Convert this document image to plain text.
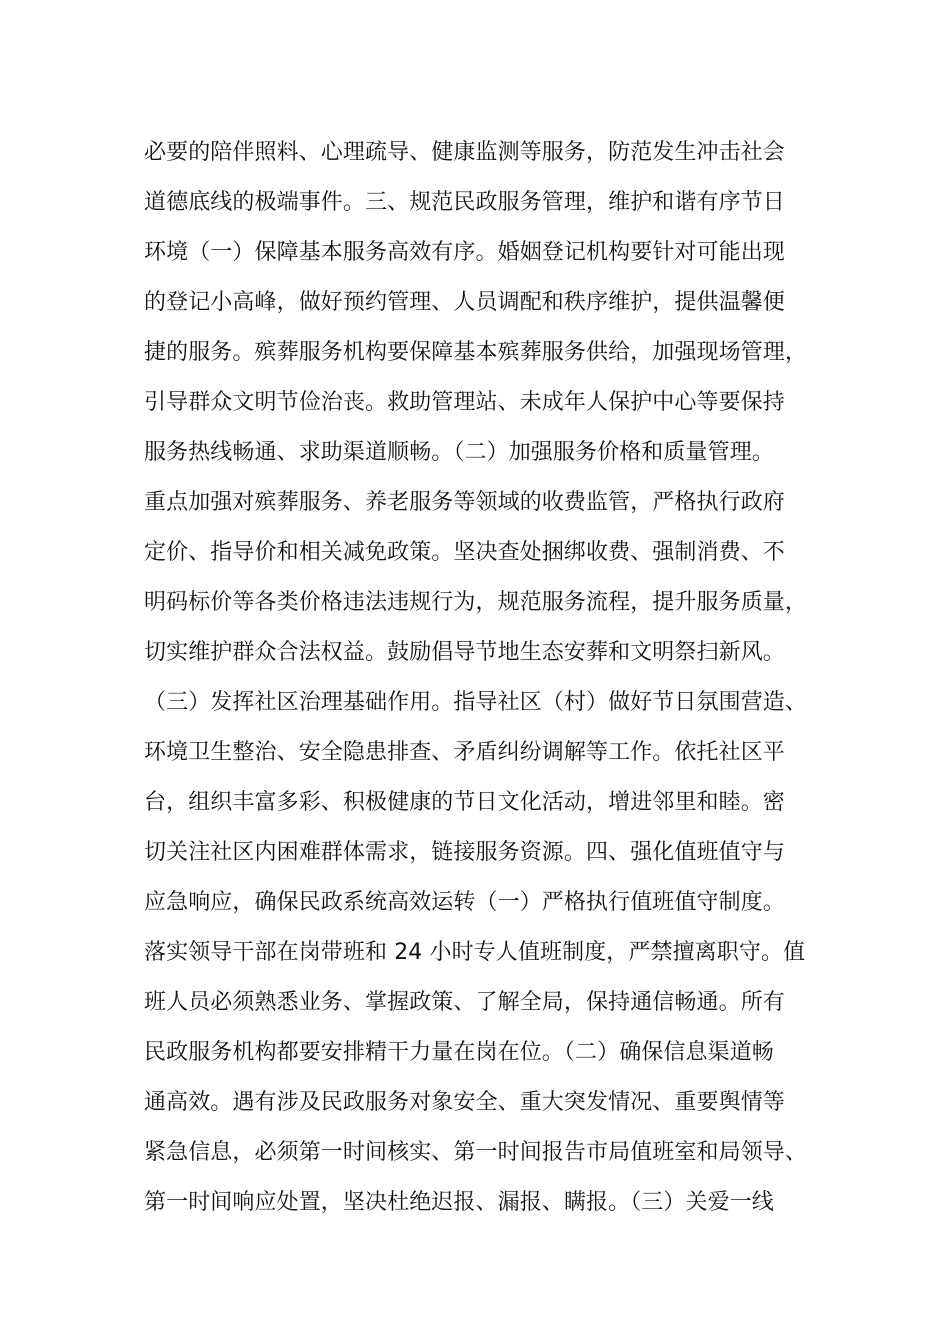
必要的陪伴照料、心理疏导、健康监测等服务，防范发生冲击社会
道德底线的极端事件。三、规范民政服务管理，维护和谐有序节日
环境（一）保障基本服务高效有序。婚姻登记机构要针对可能出现
的登记小高峰，做好预约管理、人员调配和秩序维护，提供温馨便
捷的服务。殡葬服务机构要保障基本殡葬服务供给，加强现场管理，
引导群众文明节俭治丧。救助管理站、未成年人保护中心等要保持
服务热线畅通、求助渠道顺畅。（二）加强服务价格和质量管理。
重点加强对殡葬服务、养老服务等领域的收费监管，严格执行政府
定价、指导价和相关减免政策。坚决查处捆绑收费、强制消费、不
明码标价等各类价格违法违规行为，规范服务流程，提升服务质量，
切实维护群众合法权益。鼓励倡导节地生态安葬和文明祭扫新风。
（三）发挥社区治理基础作用。指导社区（村）做好节日氛围营造、
环境卫生整治、安全隐患排查、矛盾纠纷调解等工作。依托社区平
台，组织丰富多彩、积极健康的节日文化活动，增进邻里和睦。密
切关注社区内困难群体需求，链接服务资源。四、强化值班值守与
应急响应，确保民政系统高效运转（一）严格执行值班值守制度。
落实领导干部在岗带班和 24 小时专人值班制度，严禁擅离职守。值
班人员必须熟悉业务、掌握政策、了解全局，保持通信畅通。所有
民政服务机构都要安排精干力量在岗在位。（二）确保信息渠道畅
通高效。遇有涉及民政服务对象安全、重大突发情况、重要舆情等
紧急信息，必须第一时间核实、第一时间报告市局值班室和局领导、
第一时间响应处置，坚决杜绝迟报、漏报、瞒报。（三）关爱一线
